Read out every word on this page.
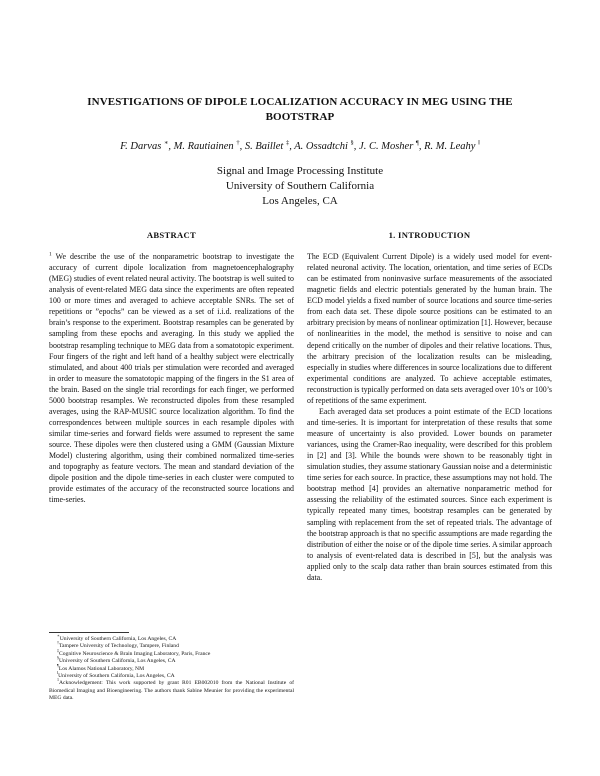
INVESTIGATIONS OF DIPOLE LOCALIZATION ACCURACY IN MEG USING THE
BOOTSTRAP
F. Darvas ∗, M. Rautiainen †, S. Baillet ‡, A. Ossadtchi §, J. C. Mosher ¶, R. M. Leahy ‖
Signal and Image Processing Institute
University of Southern California
Los Angeles, CA
ABSTRACT

$^1$ We describe the use of the nonparametric bootstrap to investigate the accuracy of current dipole localization from magnetoencephalography (MEG) studies of event related neural activity. The bootstrap is well suited to analysis of event-related MEG data since the experiments are often repeated 100 or more times and averaged to achieve acceptable SNRs. The set of repetitions or ”epochs” can be viewed as a set of i.i.d. realizations of the brain’s response to the experiment. Bootstrap resamples can be generated by sampling from these epochs and averaging. In this study we applied the bootstrap resampling technique to MEG data from a somatotopic experiment. Four fingers of the right and left hand of a healthy subject were electrically stimulated, and about 400 trials per stimulation were recorded and averaged in order to measure the somatotopic mapping of the fingers in the S1 area of the brain. Based on the single trial recordings for each finger, we performed 5000 bootstrap resamples. We reconstructed dipoles from these resampled averages, using the RAP-MUSIC source localization algorithm. To find the correspondences between multiple sources in each resample dipoles with similar time-series and forward fields were assumed to represent the same source. These dipoles were then clustered using a GMM (Gaussian Mixture Model) clustering algorithm, using their combined normalized time-series and topography as feature vectors. The mean and standard deviation of the dipole position and the dipole time-series in each cluster were computed to provide estimates of the accuracy of the reconstructed source locations and time-series.

∗University of Southern California, Los Angeles, CA

†Tampere University of Technology, Tampere, Finland

‡Cognitive Neuroscience & Brain Imaging Laboratory, Paris, France

§University of Southern California, Los Angeles, CA

¶Los Alamos National Laboratory, NM

‖University of Southern California, Los Angeles, CA

$^1$Acknowledgement: This work supported by grant R01 EB002010 from the National Institute of Biomedical Imaging and Bioengineering. The authors thank Sabine Meunier for providing the experimental MEG data.

1. INTRODUCTION

The ECD (Equivalent Current Dipole) is a widely used model for event-related neuronal activity. The location, orientation, and time series of ECDs can be estimated from noninvasive surface measurements of the associated magnetic fields and electric potentials generated by the human brain. The ECD model yields a fixed number of source locations and source time-series from each data set. These dipole source positions can be estimated to an arbitrary precision by means of nonlinear optimization [1]. However, because of nonlinearities in the model, the method is sensitive to noise and can depend critically on the number of dipoles and their relative locations. Thus, the arbitrary precision of the localization results can be misleading, especially in studies where differences in source localizations due to different experimental conditions are analyzed. To achieve acceptable estimates, reconstruction is typically performed on data sets averaged over 10’s or 100’s of repetitions of the same experiment.

Each averaged data set produces a point estimate of the ECD locations and time-series. It is important for interpretation of these results that some measure of uncertainty is also provided. Lower bounds on parameter variances, using the Cramer-Rao inequality, were described for this problem in [2] and [3]. While the bounds were shown to be reasonably tight in simulation studies, they assume stationary Gaussian noise and a deterministic time series for each source. In practice, these assumptions may not hold. The bootstrap method [4] provides an alternative nonparametric method for assessing the reliability of the estimated sources. Since each experiment is typically repeated many times, bootstrap resamples can be generated by sampling with replacement from the set of repeated trials. The advantage of the bootstrap approach is that no specific assumptions are made regarding the distribution of either the noise or of the dipole time series. A similar approach to analysis of event-related data is described in [5], but the analysis was applied only to the scalp data rather than brain sources estimated from this data.
